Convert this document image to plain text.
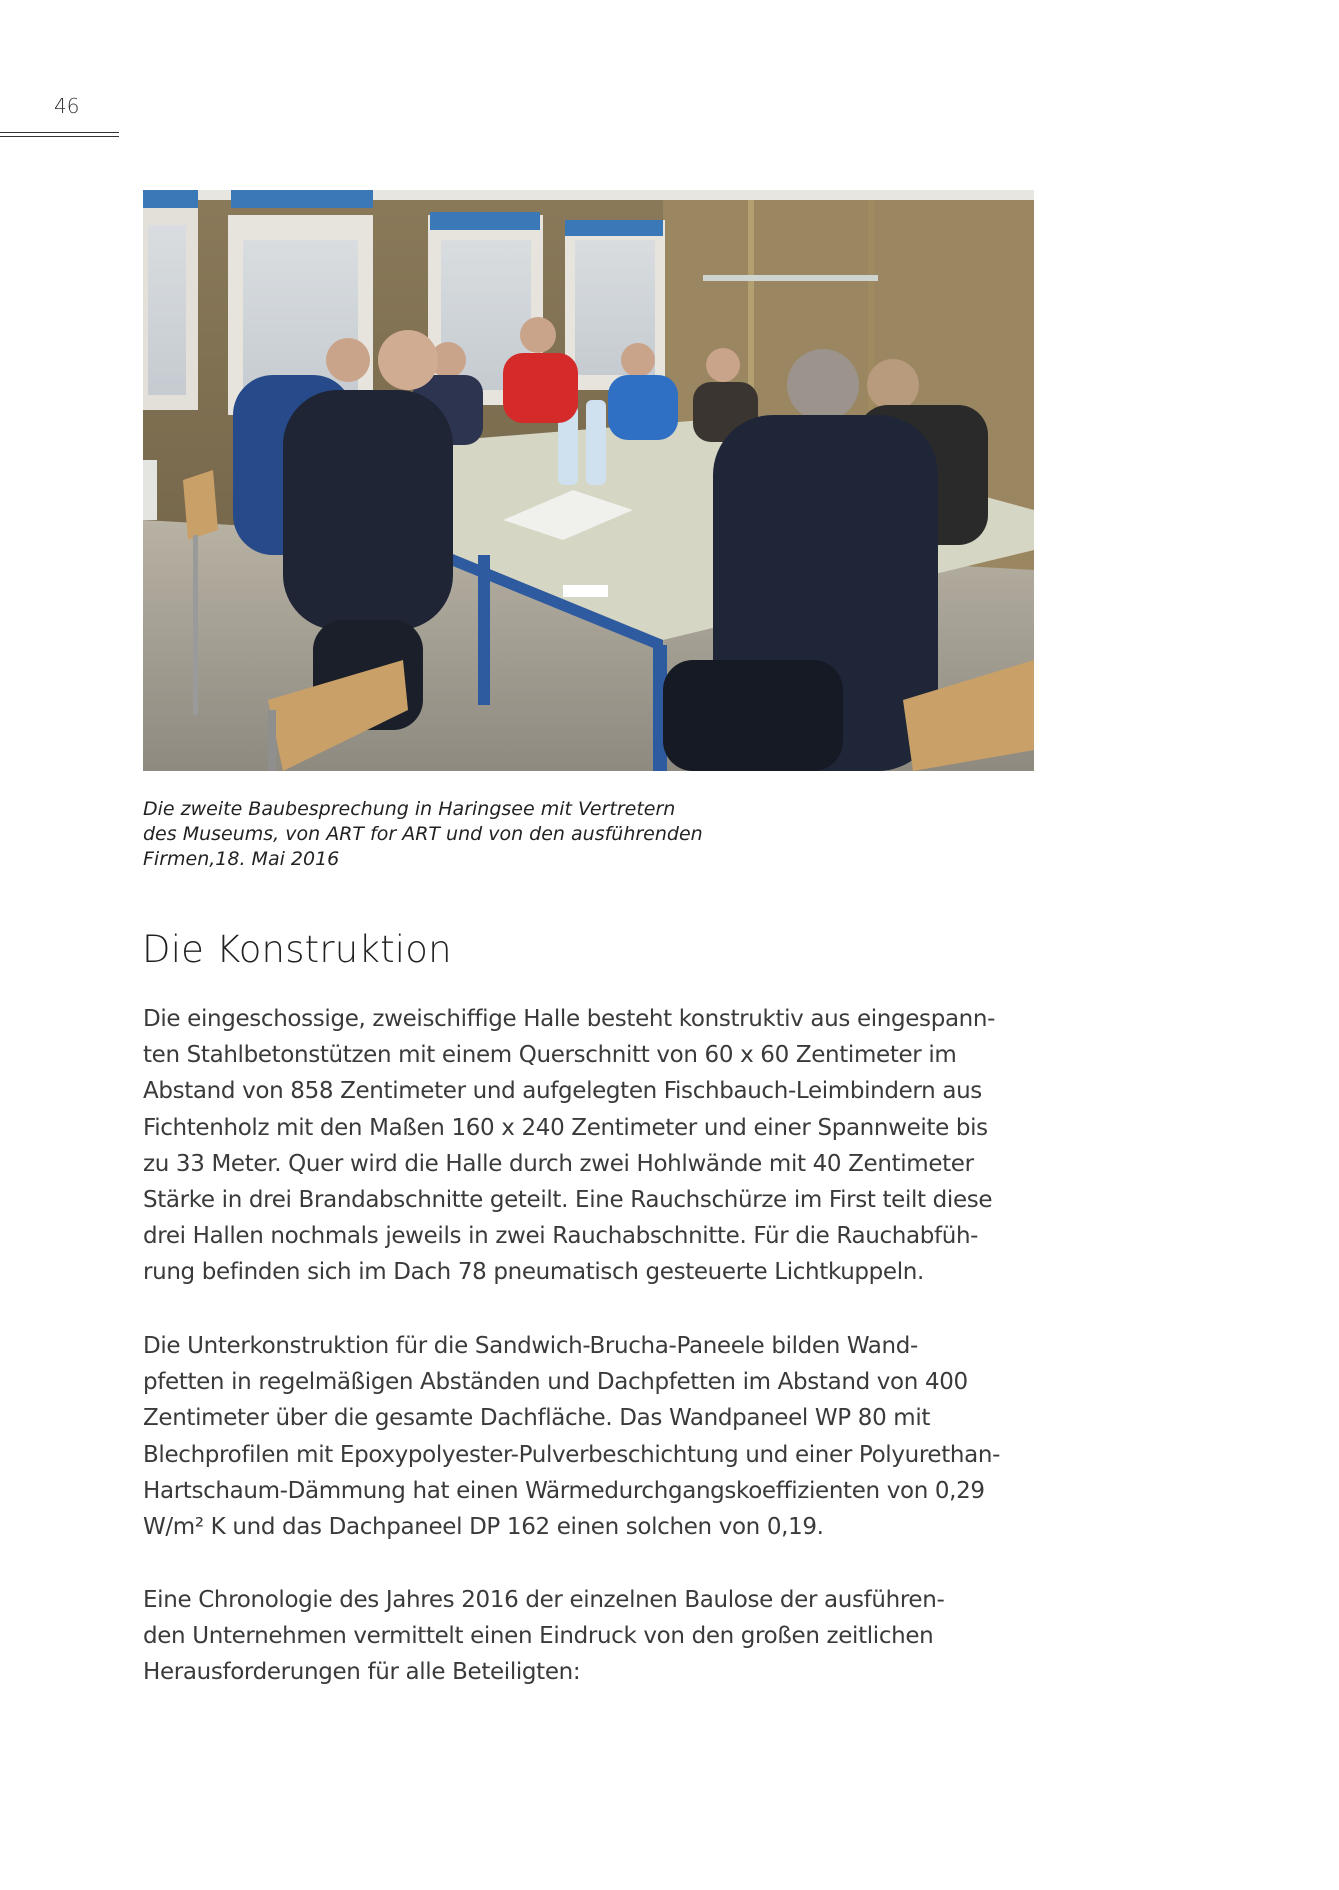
46
Die zweite Baubesprechung in Haringsee mit Vertretern
des Museums, von ART for ART und von den ausführenden
Firmen,18. Mai 2016
Die Konstruktion
Die eingeschossige, zweischiffige Halle besteht konstruktiv aus eingespann-
ten Stahlbetonstützen mit einem Querschnitt von 60 x 60 Zentimeter im
Abstand von 858 Zentimeter und aufgelegten Fischbauch-Leimbindern aus
Fichtenholz mit den Maßen 160 x 240 Zentimeter und einer Spannweite bis
zu 33 Meter. Quer wird die Halle durch zwei Hohlwände mit 40 Zentimeter
Stärke in drei Brandabschnitte geteilt. Eine Rauchschürze im First teilt diese
drei Hallen nochmals jeweils in zwei Rauchabschnitte. Für die Rauchabfüh-
rung befinden sich im Dach 78 pneumatisch gesteuerte Lichtkuppeln.
Die Unterkonstruktion für die Sandwich-Brucha-Paneele bilden Wand-
pfetten in regelmäßigen Abständen und Dachpfetten im Abstand von 400
Zentimeter über die gesamte Dachfläche. Das Wandpaneel WP 80 mit
Blechprofilen mit Epoxypolyester-Pulverbeschichtung und einer Polyurethan-
Hartschaum-Dämmung hat einen Wärmedurchgangskoeffizienten von 0,29
W/m² K und das Dachpaneel DP 162 einen solchen von 0,19.
Eine Chronologie des Jahres 2016 der einzelnen Baulose der ausführen-
den Unternehmen vermittelt einen Eindruck von den großen zeitlichen
Herausforderungen für alle Beteiligten:
